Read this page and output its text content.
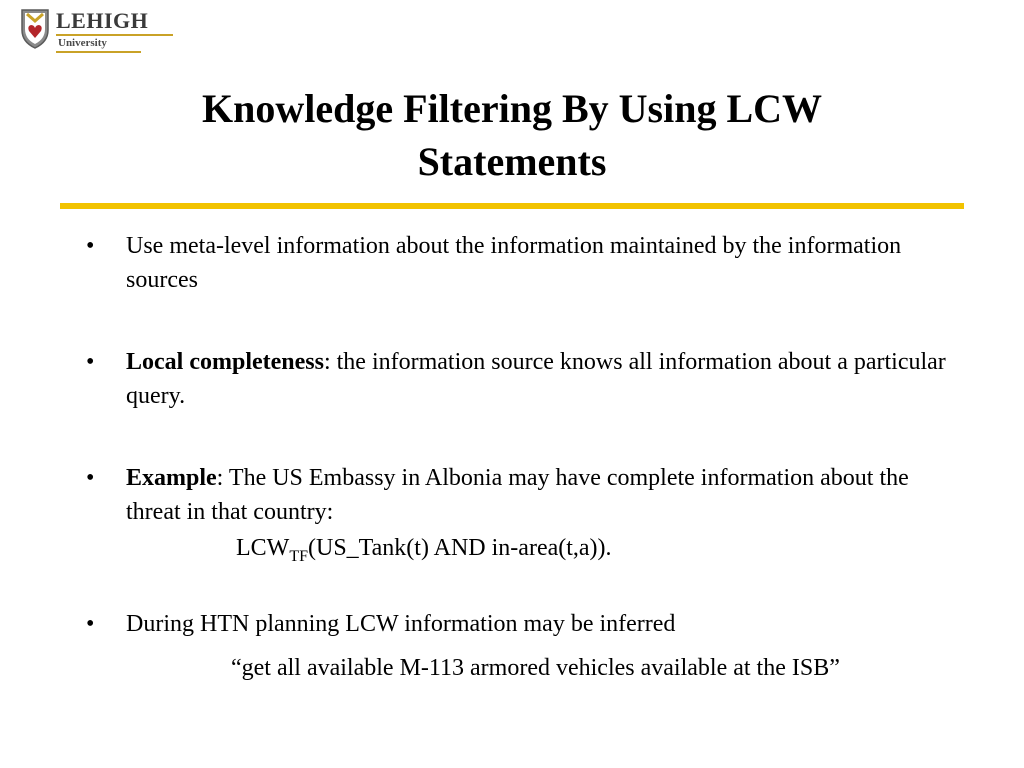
LEHIGH
University
Knowledge Filtering By Using LCW
Statements
• Use meta-level information about the information maintained by the information sources
• Local completeness: the information source knows all information about a particular query.
• Example: The US Embassy in Albonia may have complete information about the threat in that country:
$LCW_{TF}(US\_Tank(t)$ AND in-area(t,a)).
• During HTN planning LCW information may be inferred
“get all available M-113 armored vehicles available at the ISB”
